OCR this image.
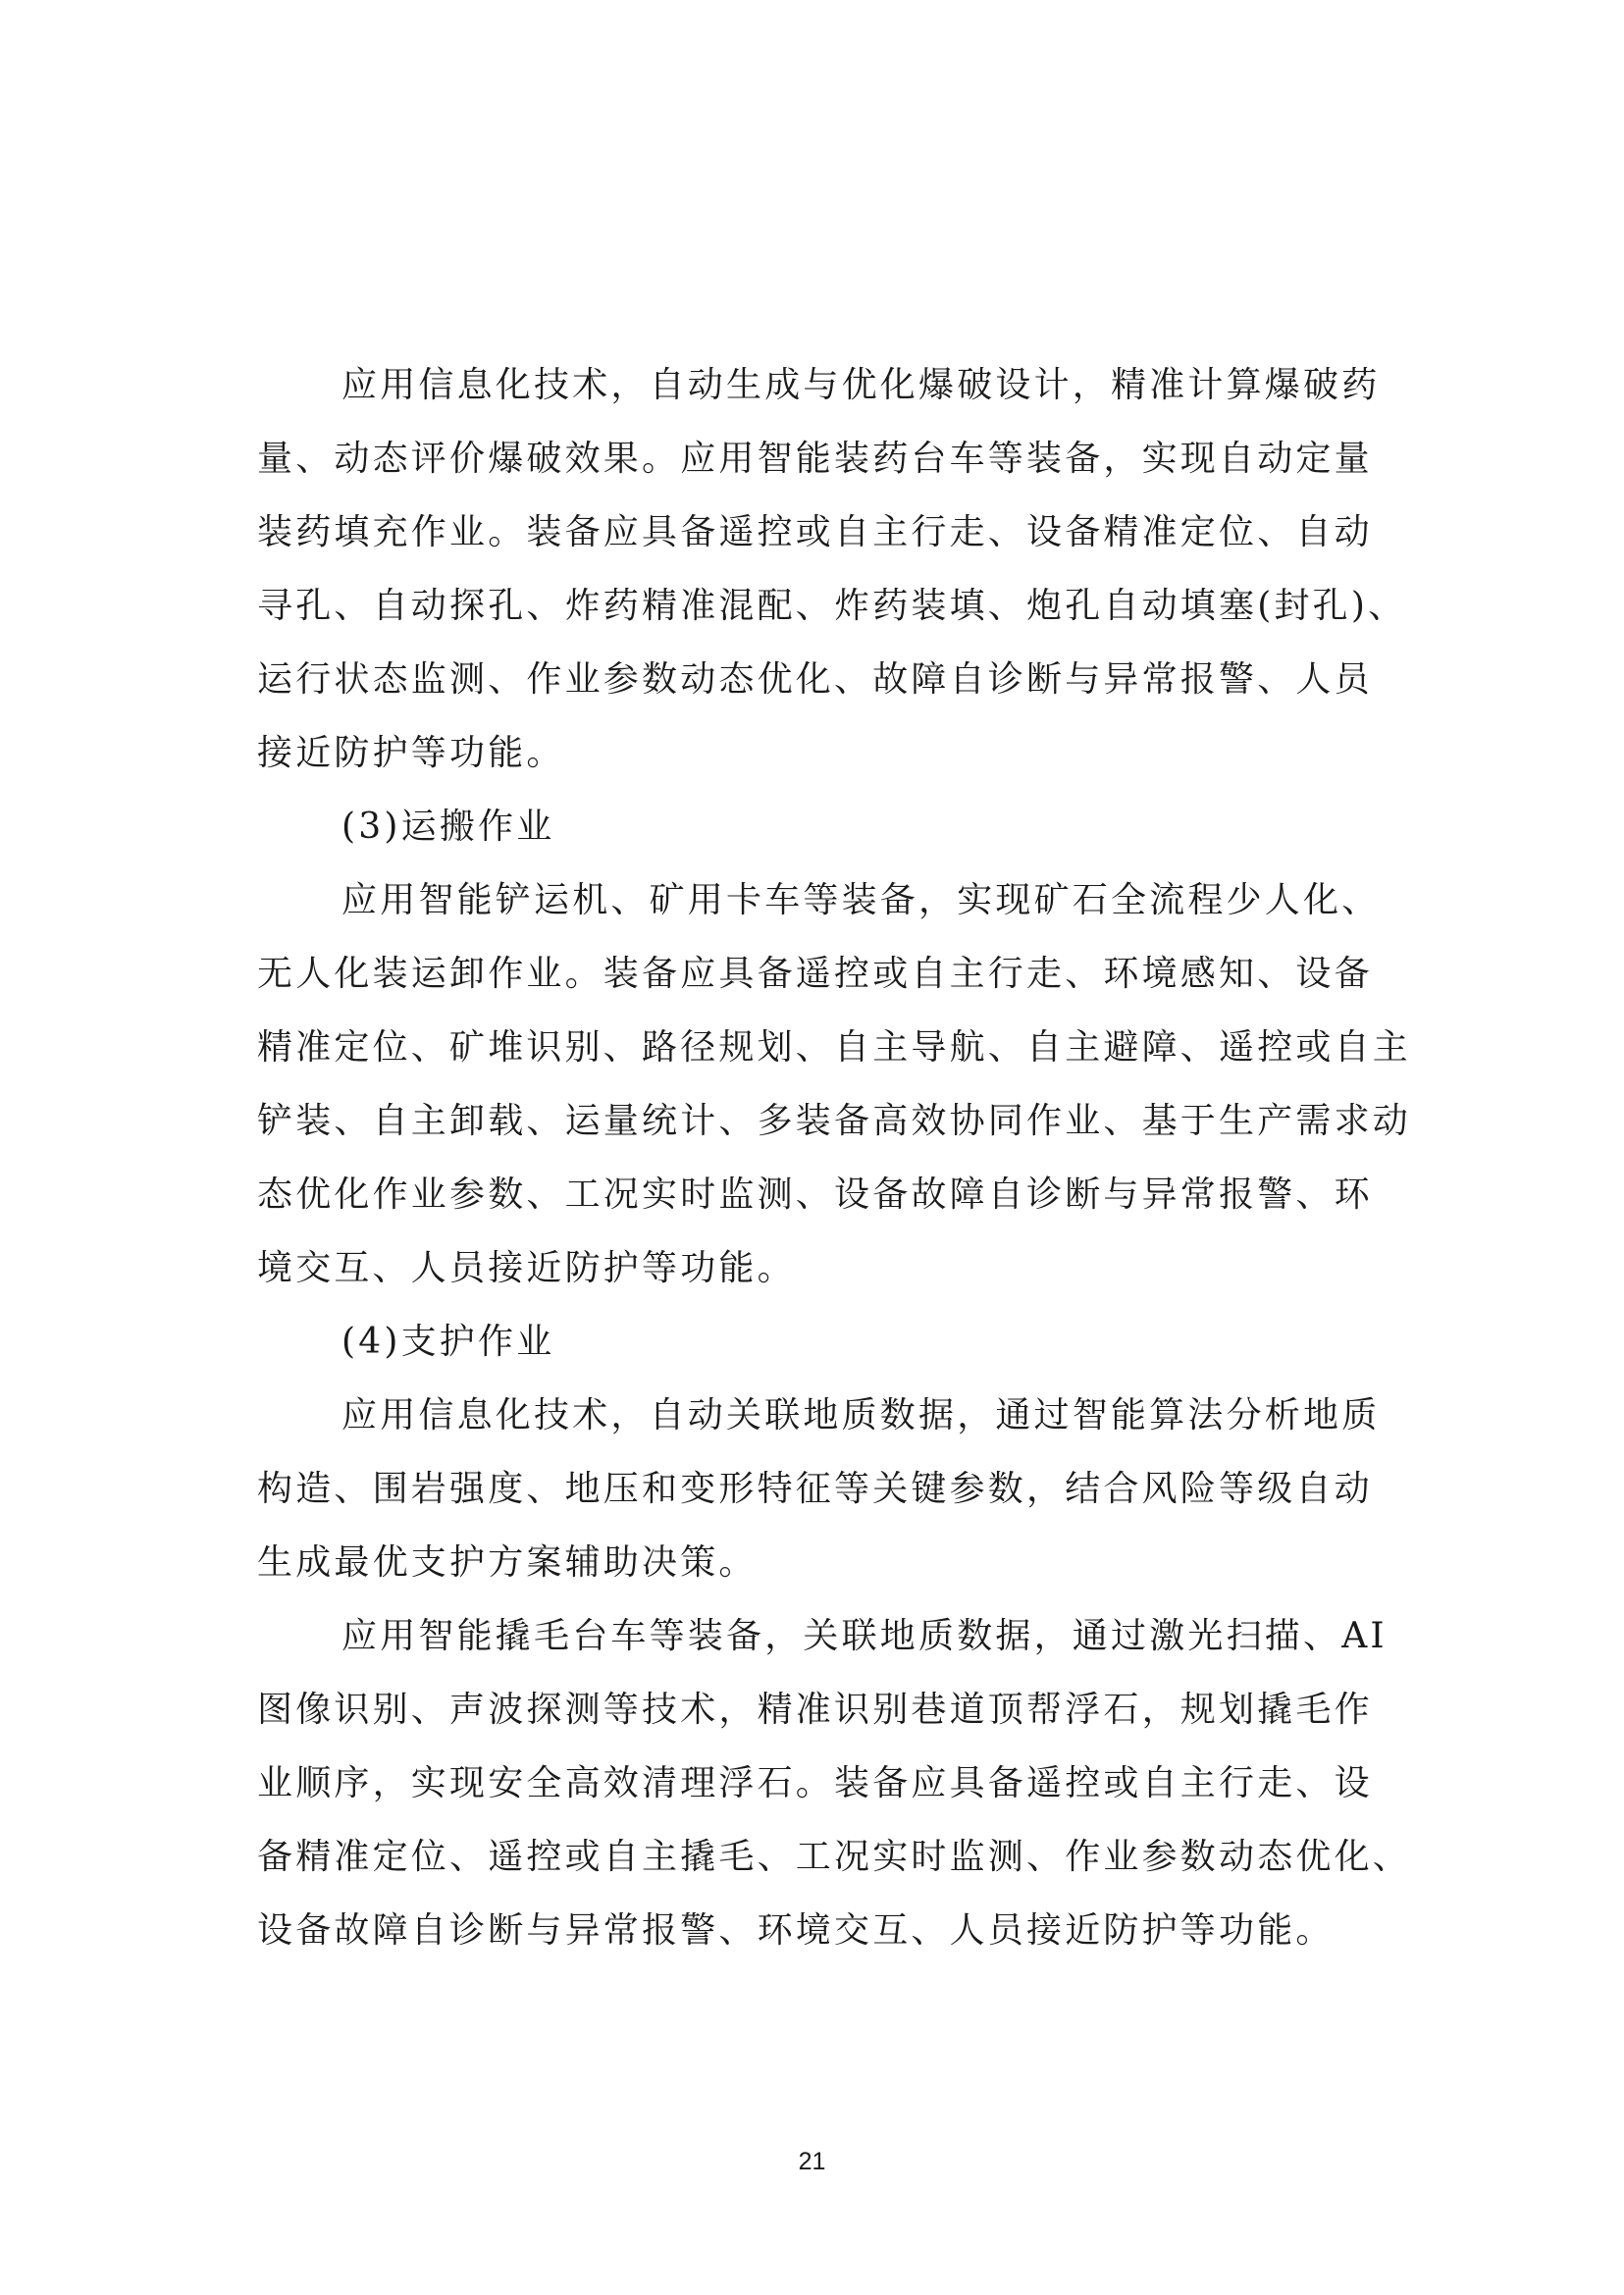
应用信息化技术，自动生成与优化爆破设计，精准计算爆破药
量、动态评价爆破效果。应用智能装药台车等装备，实现自动定量
装药填充作业。装备应具备遥控或自主行走、设备精准定位、自动
寻孔、自动探孔、炸药精准混配、炸药装填、炮孔自动填塞(封孔)、
运行状态监测、作业参数动态优化、故障自诊断与异常报警、人员
接近防护等功能。
(3)运搬作业
应用智能铲运机、矿用卡车等装备，实现矿石全流程少人化、
无人化装运卸作业。装备应具备遥控或自主行走、环境感知、设备
精准定位、矿堆识别、路径规划、自主导航、自主避障、遥控或自主
铲装、自主卸载、运量统计、多装备高效协同作业、基于生产需求动
态优化作业参数、工况实时监测、设备故障自诊断与异常报警、环
境交互、人员接近防护等功能。
(4)支护作业
应用信息化技术，自动关联地质数据，通过智能算法分析地质
构造、围岩强度、地压和变形特征等关键参数，结合风险等级自动
生成最优支护方案辅助决策。
应用智能撬毛台车等装备，关联地质数据，通过激光扫描、AI
图像识别、声波探测等技术，精准识别巷道顶帮浮石，规划撬毛作
业顺序，实现安全高效清理浮石。装备应具备遥控或自主行走、设
备精准定位、遥控或自主撬毛、工况实时监测、作业参数动态优化、
设备故障自诊断与异常报警、环境交互、人员接近防护等功能。
21
